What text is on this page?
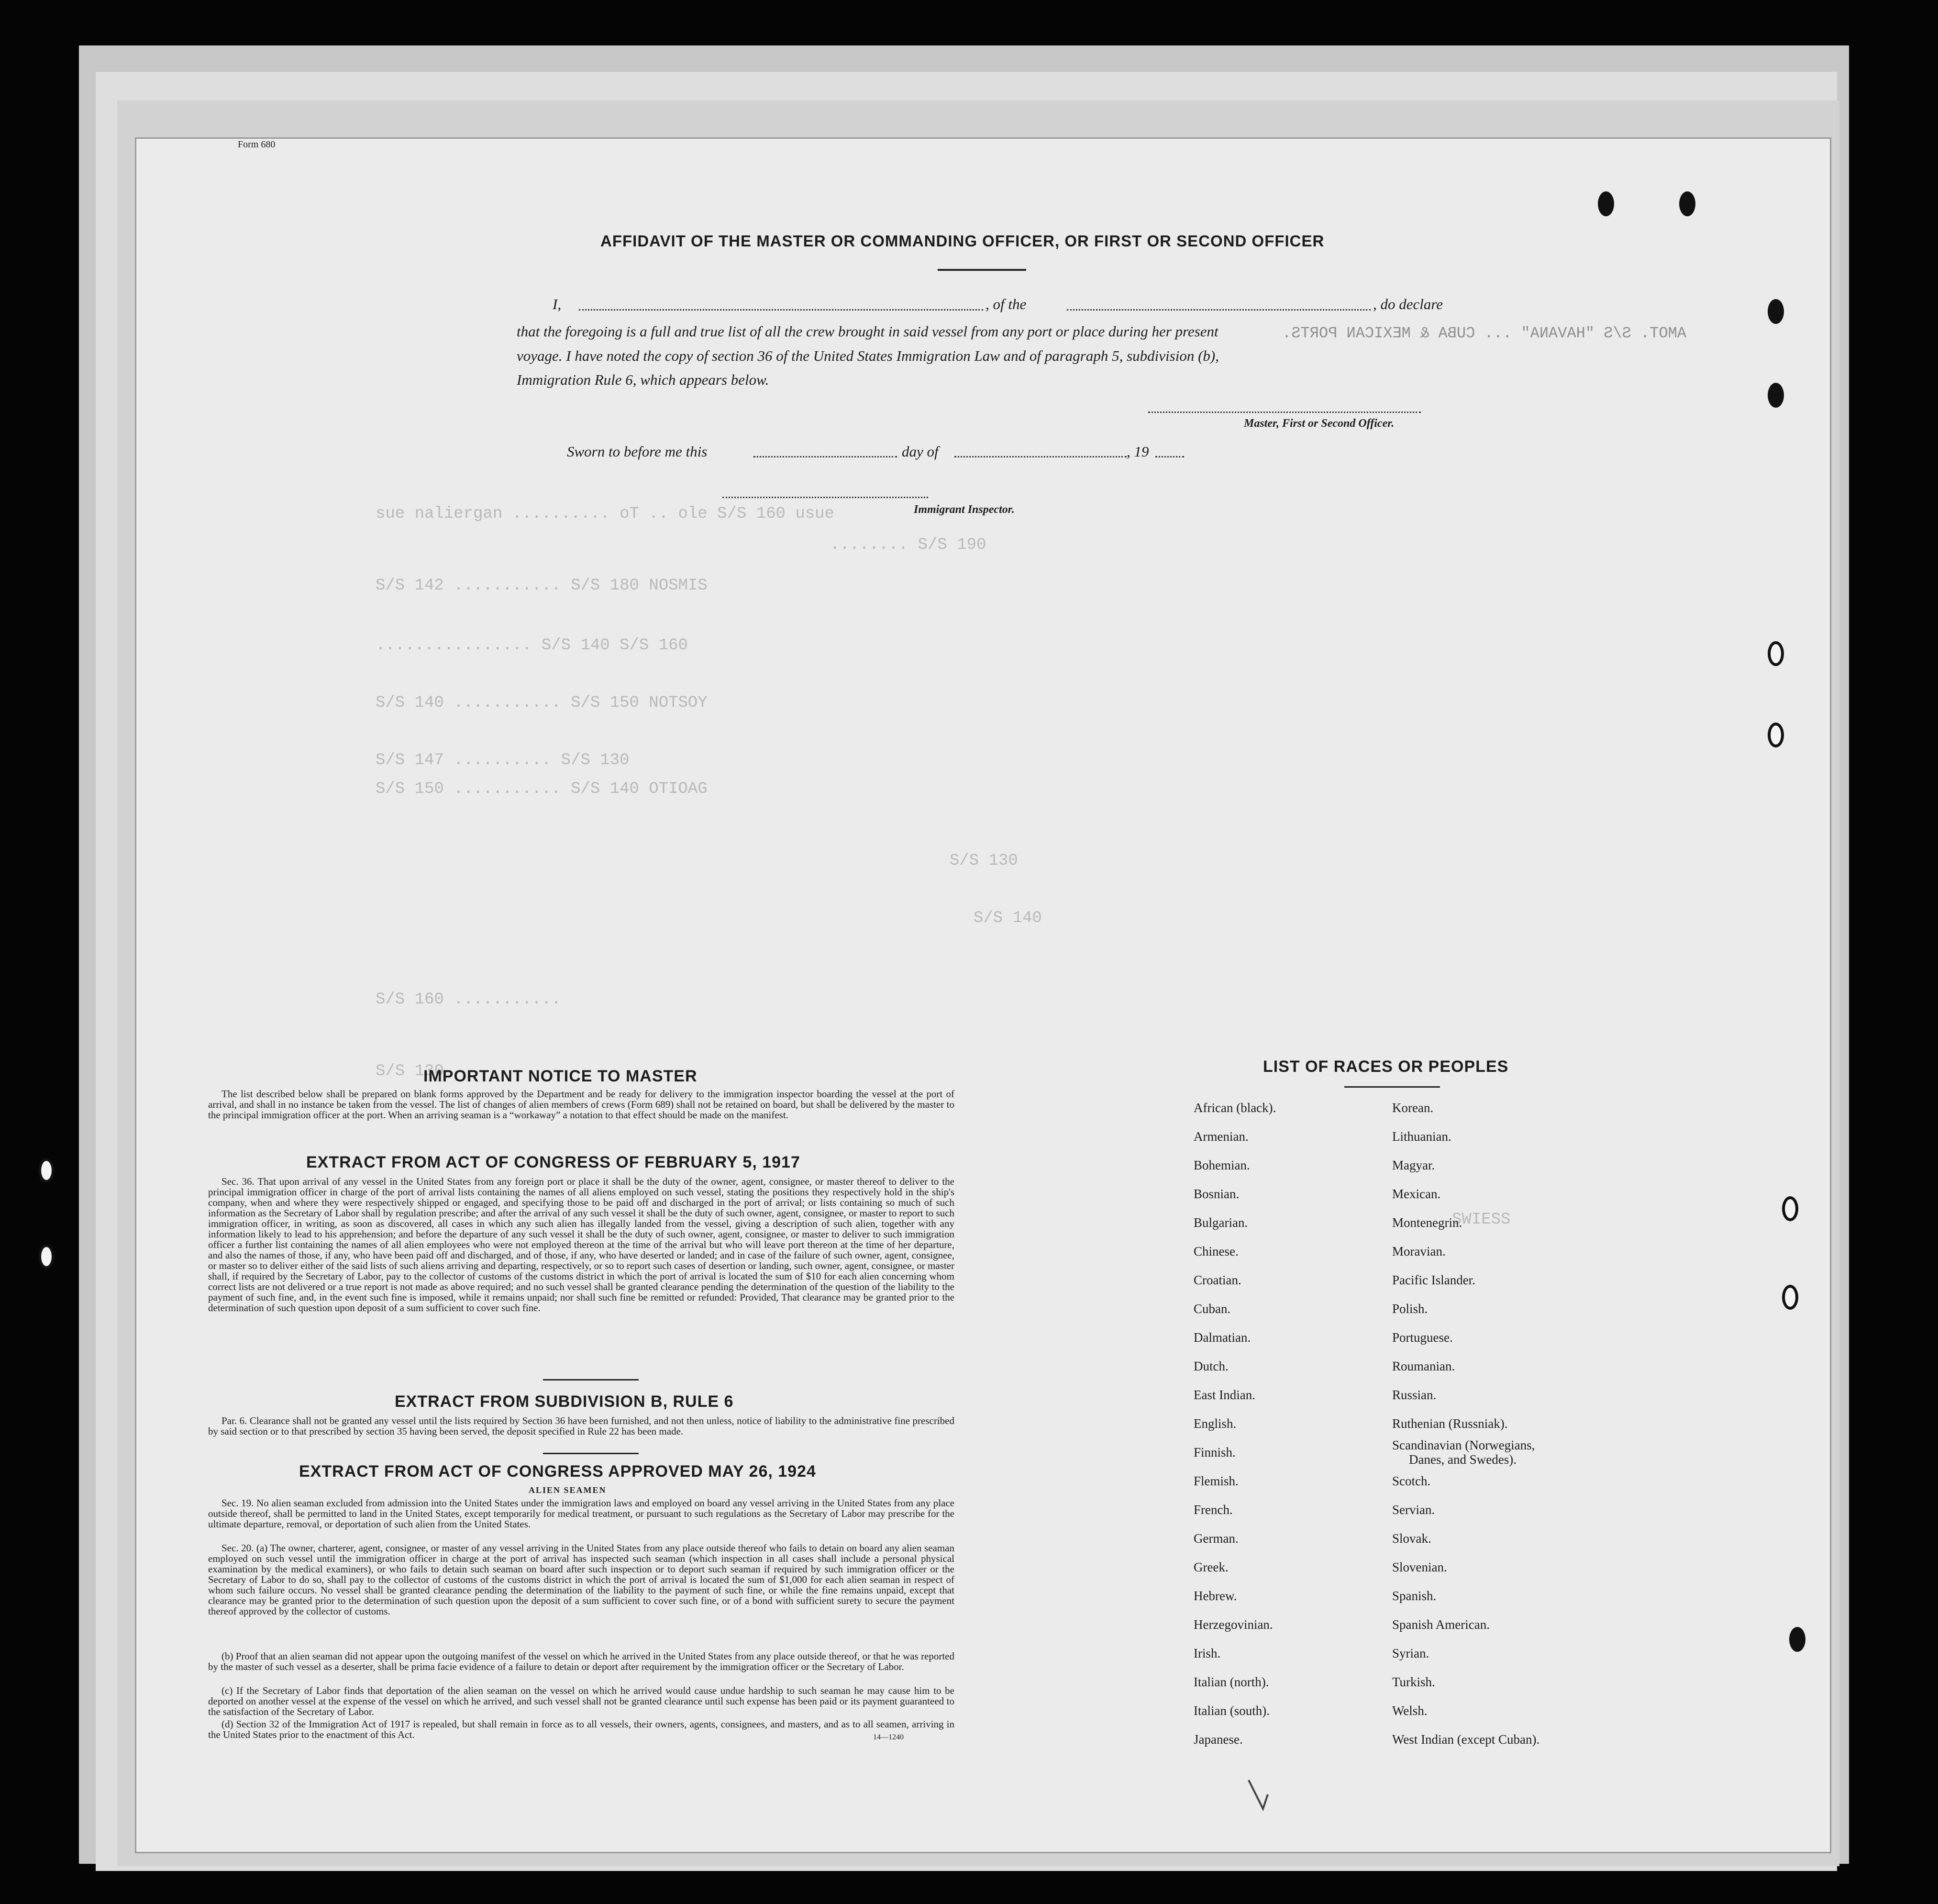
Form 680
AFFIDAVIT OF THE MASTER OR COMMANDING OFFICER, OR FIRST OR SECOND OFFICER
I,	, of the	, do declare
AMOT. S/S "HAVANA" ... CUBA & MEXICAN PORTS.
that the foregoing is a full and true list of all the crew brought in said vessel from any port or place during her present
voyage. I have noted the copy of section 36 of the United States Immigration Law and of paragraph 5, subdivision (b),
Immigration Rule 6, which appears below.
Master, First or Second Officer.
Sworn to before me this	day of	, 19
Immigrant Inspector.
sue naliergan .......... oT .. ole S/S 160 usue
........ S/S 190
S/S 142 ........... S/S 180 NOSMIS
................ S/S 140 S/S 160
S/S 140 ........... S/S 150 NOTSOY
S/S 147 .......... S/S 130
S/S 150 ........... S/S 140 OTIOAG
S/S 130
S/S 140
S/S 160 ...........
S/S 130
SWIESS
IMPORTANT NOTICE TO MASTER
The list described below shall be prepared on blank forms approved by the Department and be ready for delivery to the immigration inspector boarding the vessel at the port of arrival, and shall in no instance be taken from the vessel. The list of changes of alien members of crews (Form 689) shall not be retained on board, but shall be delivered by the master to the principal immigration officer at the port. When an arriving seaman is a “workaway” a notation to that effect should be made on the manifest.
EXTRACT FROM ACT OF CONGRESS OF FEBRUARY 5, 1917
Sec. 36. That upon arrival of any vessel in the United States from any foreign port or place it shall be the duty of the owner, agent, consignee, or master thereof to deliver to the principal immigration officer in charge of the port of arrival lists containing the names of all aliens employed on such vessel, stating the positions they respectively hold in the ship's company, when and where they were respectively shipped or engaged, and specifying those to be paid off and discharged in the port of arrival; or lists containing so much of such information as the Secretary of Labor shall by regulation prescribe; and after the arrival of any such vessel it shall be the duty of such owner, agent, consignee, or master to report to such immigration officer, in writing, as soon as discovered, all cases in which any such alien has illegally landed from the vessel, giving a description of such alien, together with any information likely to lead to his apprehension; and before the departure of any such vessel it shall be the duty of such owner, agent, consignee, or master to deliver to such immigration officer a further list containing the names of all alien employees who were not employed thereon at the time of the arrival but who will leave port thereon at the time of her departure, and also the names of those, if any, who have been paid off and discharged, and of those, if any, who have deserted or landed; and in case of the failure of such owner, agent, consignee, or master so to deliver either of the said lists of such aliens arriving and departing, respectively, or so to report such cases of desertion or landing, such owner, agent, consignee, or master shall, if required by the Secretary of Labor, pay to the collector of customs of the customs district in which the port of arrival is located the sum of $10 for each alien concerning whom correct lists are not delivered or a true report is not made as above required; and no such vessel shall be granted clearance pending the determination of the question of the liability to the payment of such fine, and, in the event such fine is imposed, while it remains unpaid; nor shall such fine be remitted or refunded: Provided, That clearance may be granted prior to the determination of such question upon deposit of a sum sufficient to cover such fine.
EXTRACT FROM SUBDIVISION B, RULE 6
Par. 6. Clearance shall not be granted any vessel until the lists required by Section 36 have been furnished, and not then unless, notice of liability to the administrative fine prescribed by said section or to that prescribed by section 35 having been served, the deposit specified in Rule 22 has been made.
EXTRACT FROM ACT OF CONGRESS APPROVED MAY 26, 1924
ALIEN SEAMEN
Sec. 19. No alien seaman excluded from admission into the United States under the immigration laws and employed on board any vessel arriving in the United States from any place outside thereof, shall be permitted to land in the United States, except temporarily for medical treatment, or pursuant to such regulations as the Secretary of Labor may prescribe for the ultimate departure, removal, or deportation of such alien from the United States.
Sec. 20. (a) The owner, charterer, agent, consignee, or master of any vessel arriving in the United States from any place outside thereof who fails to detain on board any alien seaman employed on such vessel until the immigration officer in charge at the port of arrival has inspected such seaman (which inspection in all cases shall include a personal physical examination by the medical examiners), or who fails to detain such seaman on board after such inspection or to deport such seaman if required by such immigration officer or the Secretary of Labor to do so, shall pay to the collector of customs of the customs district in which the port of arrival is located the sum of $1,000 for each alien seaman in respect of whom such failure occurs. No vessel shall be granted clearance pending the determination of the liability to the payment of such fine, or while the fine remains unpaid, except that clearance may be granted prior to the determination of such question upon the deposit of a sum sufficient to cover such fine, or of a bond with sufficient surety to secure the payment thereof approved by the collector of customs.
(b) Proof that an alien seaman did not appear upon the outgoing manifest of the vessel on which he arrived in the United States from any place outside thereof, or that he was reported by the master of such vessel as a deserter, shall be prima facie evidence of a failure to detain or deport after requirement by the immigration officer or the Secretary of Labor.
(c) If the Secretary of Labor finds that deportation of the alien seaman on the vessel on which he arrived would cause undue hardship to such seaman he may cause him to be deported on another vessel at the expense of the vessel on which he arrived, and such vessel shall not be granted clearance until such expense has been paid or its payment guaranteed to the satisfaction of the Secretary of Labor.
(d) Section 32 of the Immigration Act of 1917 is repealed, but shall remain in force as to all vessels, their owners, agents, consignees, and masters, and as to all seamen, arriving in the United States prior to the enactment of this Act.	14—1240
LIST OF RACES OR PEOPLES
African (black).
Armenian.
Bohemian.
Bosnian.
Bulgarian.
Chinese.
Croatian.
Cuban.
Dalmatian.
Dutch.
East Indian.
English.
Finnish.
Flemish.
French.
German.
Greek.
Hebrew.
Herzegovinian.
Irish.
Italian (north).
Italian (south).
Japanese.
Korean.
Lithuanian.
Magyar.
Mexican.
Montenegrin.
Moravian.
Pacific Islander.
Polish.
Portuguese.
Roumanian.
Russian.
Ruthenian (Russniak).
Scandinavian (Norwegians,
Danes, and Swedes).
Scotch.
Servian.
Slovak.
Slovenian.
Spanish.
Spanish American.
Syrian.
Turkish.
Welsh.
West Indian (except Cuban).
